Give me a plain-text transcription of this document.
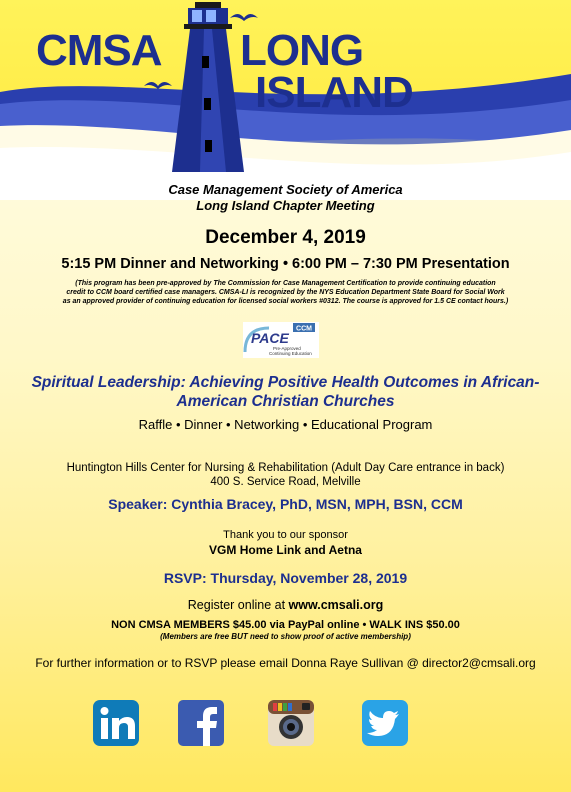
CMSA LONG
ISLAND
Case Management Society of America
Long Island Chapter Meeting
December 4, 2019
5:15 PM Dinner and Networking • 6:00 PM – 7:30 PM Presentation
(This program has been pre-approved by The Commission for Case Management Certification to provide continuing education
credit to CCM board certified case managers. CMSA-LI is recognized by the NYS Education Department State Board for Social Work
as an approved provider of continuing education for licensed social workers #0312. The course is approved for 1.5 CE contact hours.)
CCM
PACE
Pre-Approved
Continuing Education
Spiritual Leadership: Achieving Positive Health Outcomes in African-
American Christian Churches
Raffle • Dinner • Networking • Educational Program
Huntington Hills Center for Nursing & Rehabilitation (Adult Day Care entrance in back)
400 S. Service Road, Melville
Speaker: Cynthia Bracey, PhD, MSN, MPH, BSN, CCM
Thank you to our sponsor
VGM Home Link and Aetna
RSVP: Thursday, November 28, 2019
Register online at www.cmsali.org
NON CMSA MEMBERS $45.00 via PayPal online • WALK INS $50.00
(Members are free BUT need to show proof of active membership)
For further information or to RSVP please email Donna Raye Sullivan @ director2@cmsali.org
